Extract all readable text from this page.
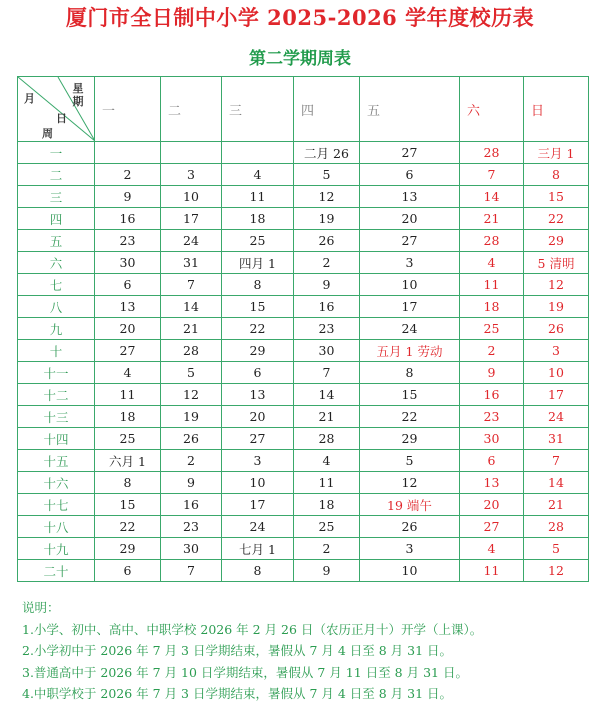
厦门市全日制中小学 2025-2026 学年度校历表
第二学期周表
月
星期
日
周	一	二	三	四	五	六	日
一				二月 26	27	28	三月 1
二	2	3	4	5	6	7	8
三	9	10	11	12	13	14	15
四	16	17	18	19	20	21	22
五	23	24	25	26	27	28	29
六	30	31	四月 1	2	3	4	5 清明
七	6	7	8	9	10	11	12
八	13	14	15	16	17	18	19
九	20	21	22	23	24	25	26
十	27	28	29	30	五月 1 劳动	2	3
十一	4	5	6	7	8	9	10
十二	11	12	13	14	15	16	17
十三	18	19	20	21	22	23	24
十四	25	26	27	28	29	30	31
十五	六月 1	2	3	4	5	6	7
十六	8	9	10	11	12	13	14
十七	15	16	17	18	19 端午	20	21
十八	22	23	24	25	26	27	28
十九	29	30	七月 1	2	3	4	5
二十	6	7	8	9	10	11	12
说明：
1.小学、初中、高中、中职学校 2026 年 2 月 26 日（农历正月十）开学（上课）。
2.小学初中于 2026 年 7 月 3 日学期结束，暑假从 7 月 4 日至 8 月 31 日。
3.普通高中于 2026 年 7 月 10 日学期结束，暑假从 7 月 11 日至 8 月 31 日。
4.中职学校于 2026 年 7 月 3 日学期结束，暑假从 7 月 4 日至 8 月 31 日。
